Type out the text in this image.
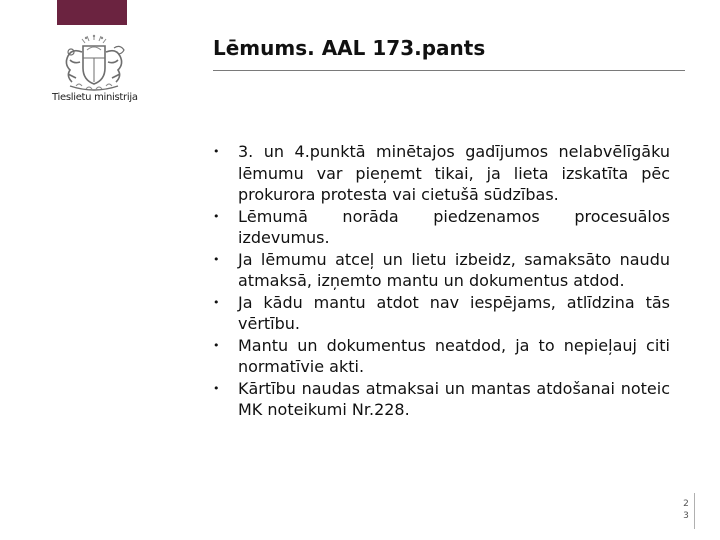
Tieslietu ministrija
Lēmums. AAL 173.pants
• 3. un 4.punktā minētajos gadījumos nelabvēlīgāku lēmumu var pieņemt tikai, ja lieta izskatīta pēc prokurora protesta vai cietušā sūdzības.
• Lēmumā norāda piedzenamos procesuālos izdevumus.
• Ja lēmumu atceļ un lietu izbeidz, samaksāto naudu atmaksā, izņemto mantu un dokumentus atdod.
• Ja kādu mantu atdot nav iespējams, atlīdzina tās vērtību.
• Mantu un dokumentus neatdod, ja to nepieļauj citi normatīvie akti.
• Kārtību naudas atmaksai un mantas atdošanai noteic MK noteikumi Nr.228.
23
